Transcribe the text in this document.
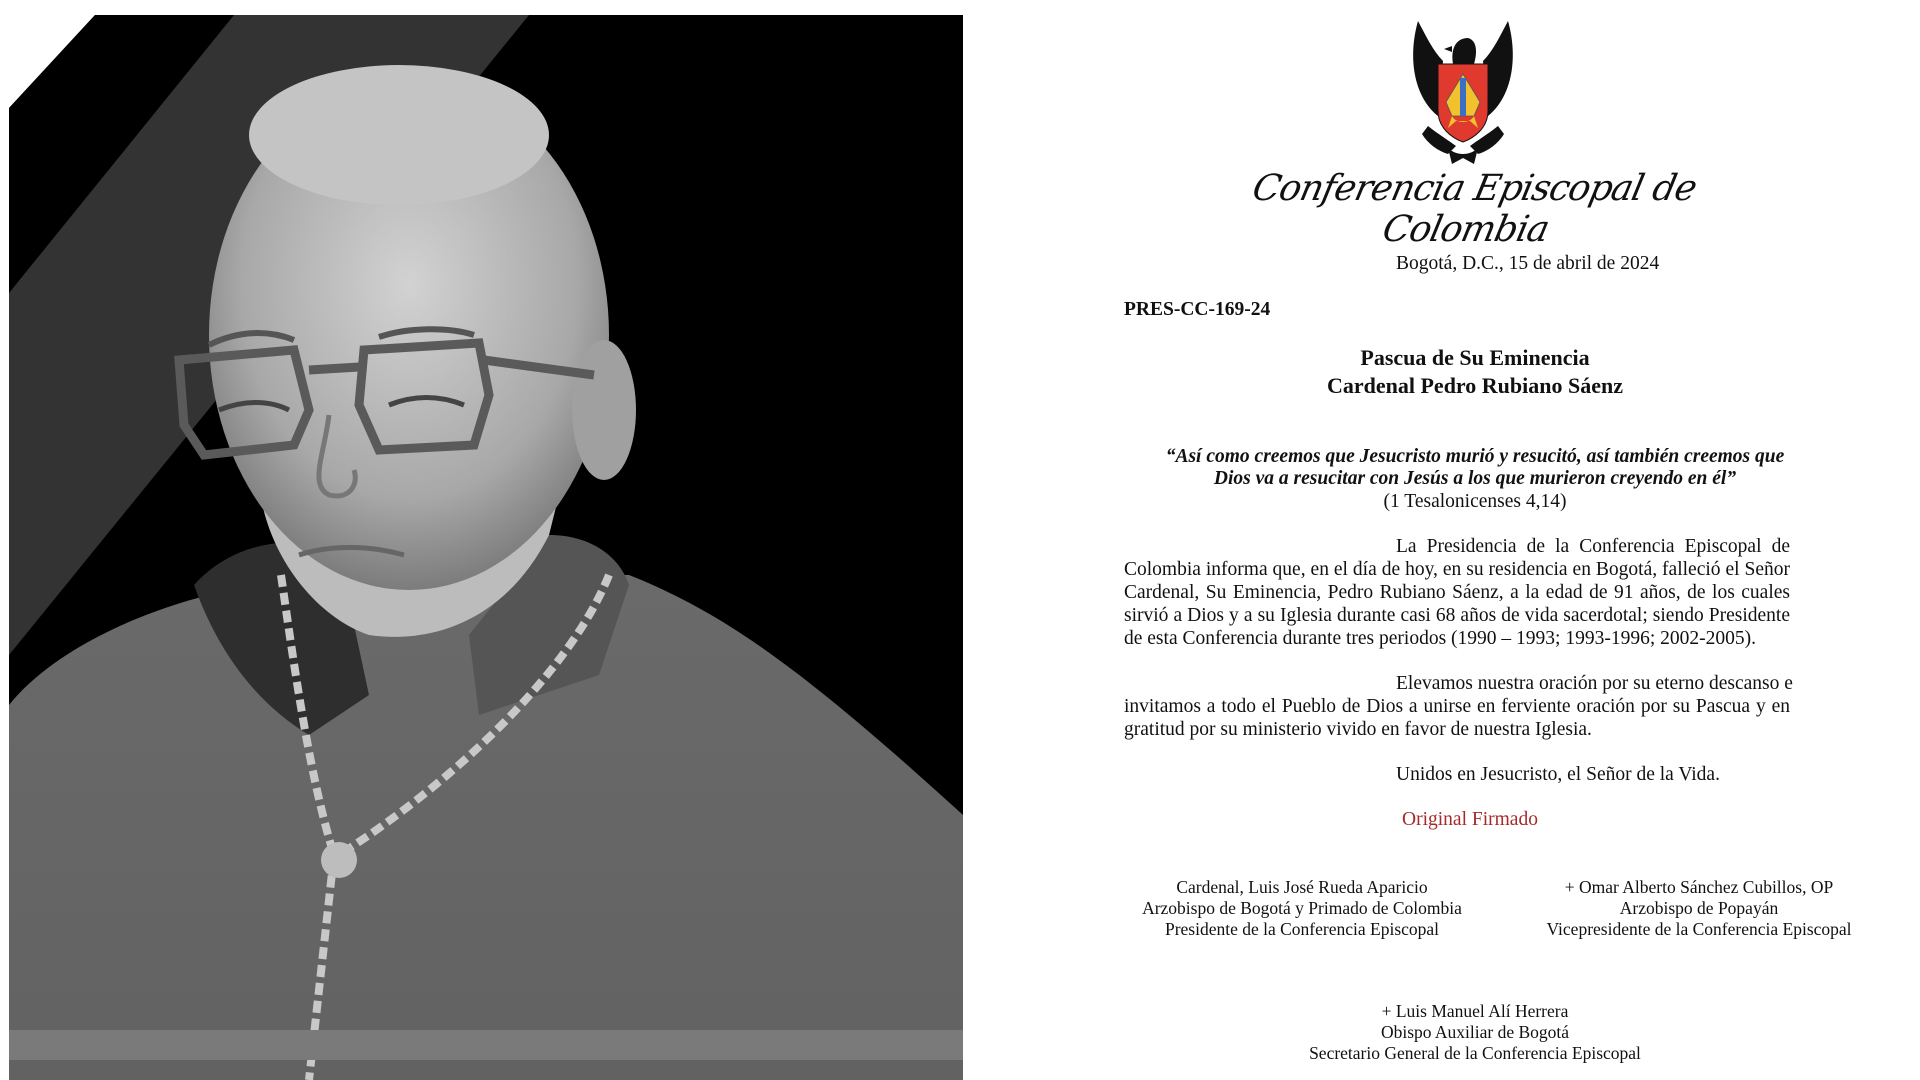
Conferencia Episcopal de Colombia
Bogotá, D.C., 15 de abril de 2024
PRES-CC-169-24
Pascua de Su Eminencia
Cardenal Pedro Rubiano Sáenz
“Así como creemos que Jesucristo murió y resucitó, así también creemos que
Dios va a resucitar con Jesús a los que murieron creyendo en él”
(1 Tesalonicenses 4,14)
La Presidencia de la Conferencia Episcopal de
Colombia informa que, en el día de hoy, en su residencia en Bogotá, falleció el Señor
Cardenal, Su Eminencia, Pedro Rubiano Sáenz, a la edad de 91 años, de los cuales
sirvió a Dios y a su Iglesia durante casi 68 años de vida sacerdotal; siendo Presidente
de esta Conferencia durante tres periodos (1990 – 1993; 1993-1996; 2002-2005).
Elevamos nuestra oración por su eterno descanso e
invitamos a todo el Pueblo de Dios a unirse en ferviente oración por su Pascua y en
gratitud por su ministerio vivido en favor de nuestra Iglesia.
Unidos en Jesucristo, el Señor de la Vida.
Original Firmado
Cardenal, Luis José Rueda Aparicio
Arzobispo de Bogotá y Primado de Colombia
Presidente de la Conferencia Episcopal
+ Omar Alberto Sánchez Cubillos, OP
Arzobispo de Popayán
Vicepresidente de la Conferencia Episcopal
+ Luis Manuel Alí Herrera
Obispo Auxiliar de Bogotá
Secretario General de la Conferencia Episcopal
